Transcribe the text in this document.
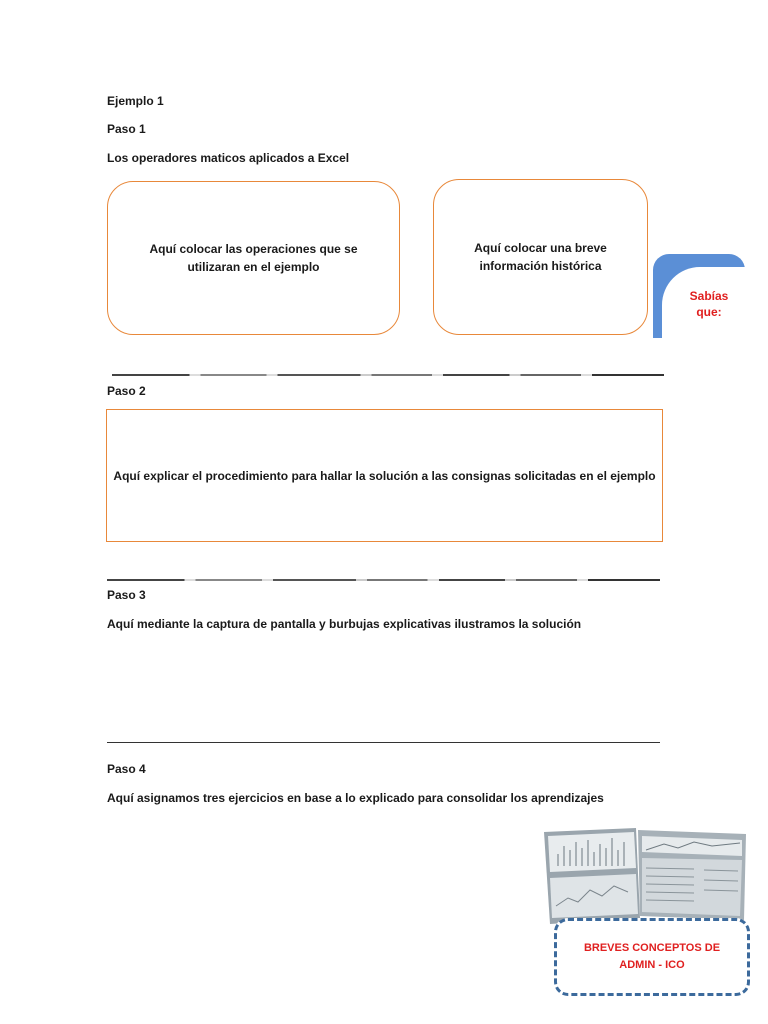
Ejemplo 1
Paso 1
Los operadores maticos aplicados a Excel
Aquí colocar las operaciones que se utilizaran en el ejemplo
Aquí colocar una breve información histórica
Sabías que:
Paso 2
Aquí explicar el procedimiento para hallar la solución a las consignas solicitadas en el ejemplo
Paso 3
Aquí mediante la captura de pantalla y burbujas explicativas ilustramos la solución
Paso 4
Aquí asignamos tres ejercicios en base a lo explicado para consolidar los aprendizajes
BREVES CONCEPTOS DE ADMIN - ICO
